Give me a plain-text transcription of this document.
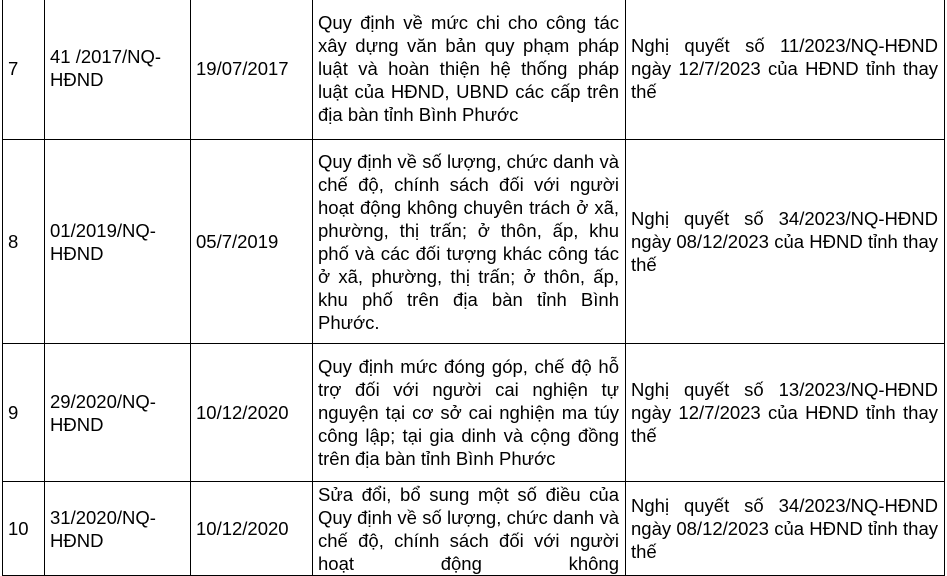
7	41 /2017/NQ-HĐND	19/07/2017	Quy định về mức chi cho công tác xây dựng văn bản quy phạm pháp luật và hoàn thiện hệ thống pháp luật của HĐND, UBND các cấp trên địa bàn tỉnh Bình Phước	Nghị quyết số 11/2023/NQ-HĐND ngày 12/7/2023 của HĐND tỉnh thay thế
8	01/2019/NQ-HĐND	05/7/2019	Quy định về số lượng, chức danh và chế độ, chính sách đối với người hoạt động không chuyên trách ở xã, phường, thị trấn; ở thôn, ấp, khu phố và các đối tượng khác công tác ở xã, phường, thị trấn; ở thôn, ấp, khu phố trên địa bàn tỉnh Bình Phước.	Nghị quyết số 34/2023/NQ-HĐND ngày 08/12/2023 của HĐND tỉnh thay thế
9	29/2020/NQ-HĐND	10/12/2020	Quy định mức đóng góp, chế độ hỗ trợ đối với người cai nghiện tự nguyện tại cơ sở cai nghiện ma túy công lập; tại gia dinh và cộng đồng trên địa bàn tỉnh Bình Phước	Nghị quyết số 13/2023/NQ-HĐND ngày 12/7/2023 của HĐND tỉnh thay thế
10	31/2020/NQ-HĐND	10/12/2020	Sửa đổi, bổ sung một số điều của Quy định về số lượng, chức danh và chế độ, chính sách đối với người hoạt động không	Nghị quyết số 34/2023/NQ-HĐND ngày 08/12/2023 của HĐND tỉnh thay thế
